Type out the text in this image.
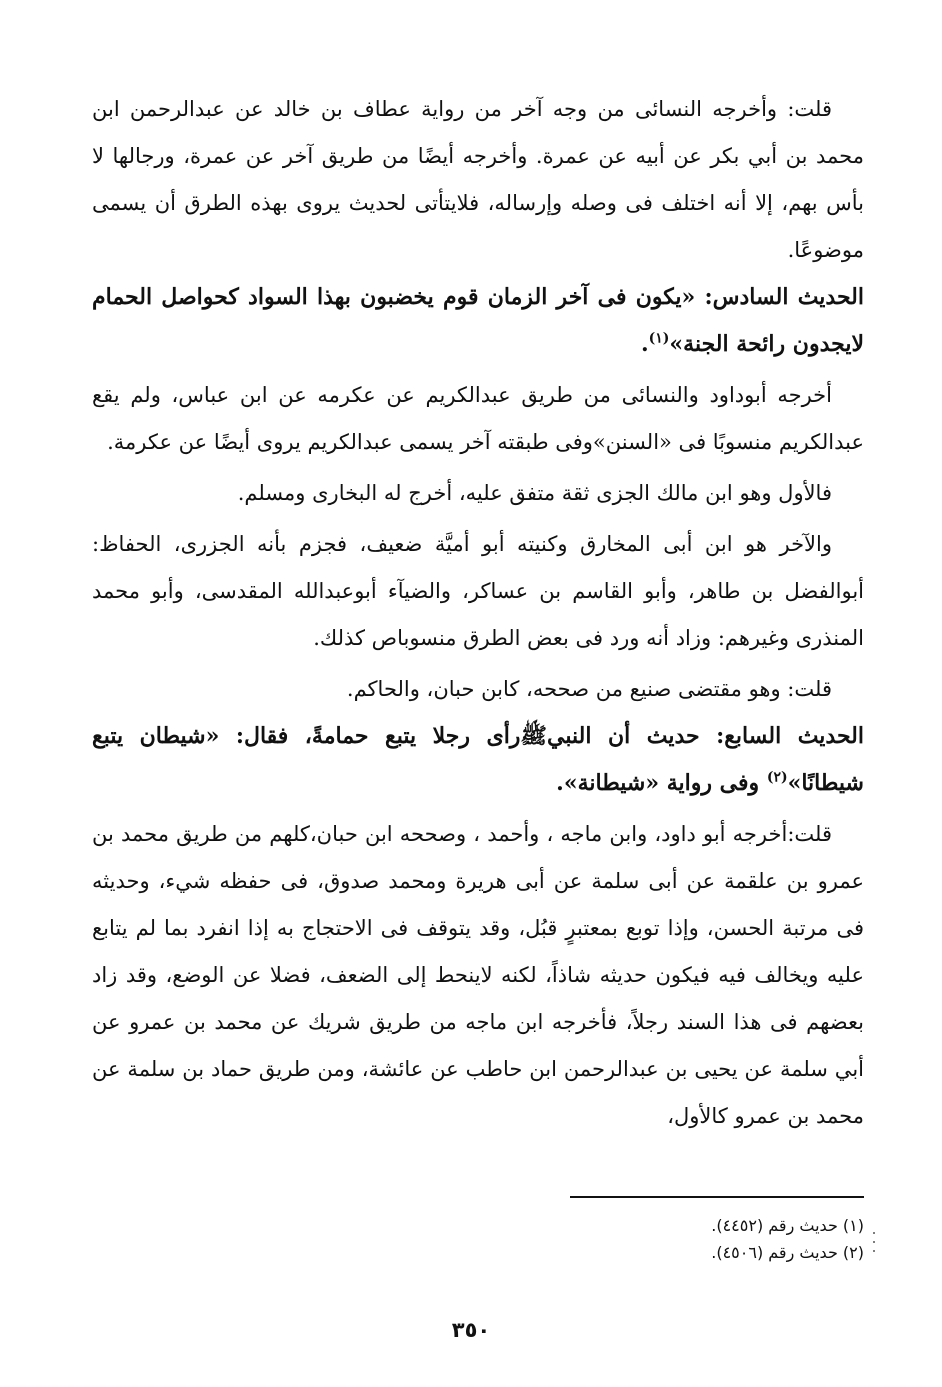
قلت: وأخرجه النسائى من وجه آخر من رواية عطاف بن خالد عن عبدالرحمن ابن محمد بن أبي بكر عن أبيه عن عمرة. وأخرجه أيضًا من طريق آخر عن عمرة، ورجالها لا بأس بهم، إلا أنه اختلف فى وصله وإرساله، فلايتأتى لحديث يروى بهذه الطرق أن يسمى موضوعًا.

الحديث السادس: «يكون فى آخر الزمان قوم يخضبون بهذا السواد كحواصل الحمام لايجدون رائحة الجنة»$^{(١)}$.

أخرجه أبوداود والنسائى من طريق عبدالكريم عن عكرمه عن ابن عباس، ولم يقع عبدالكريم منسوبًا فى «السنن»وفى طبقته آخر يسمى عبدالكريم يروى أيضًا عن عكرمة.

فالأول وهو ابن مالك الجزى ثقة متفق عليه، أخرج له البخارى ومسلم.

والآخر هو ابن أبى المخارق وكنيته أبو أميَّة ضعيف، فجزم بأنه الجزرى، الحفاظ: أبوالفضل بن طاهر، وأبو القاسم بن عساكر، والضيآء أبوعبدالله المقدسى، وأبو محمد المنذرى وغيرهم: وزاد أنه ورد فى بعض الطرق منسوباص كذلك.

قلت: وهو مقتضى صنيع من صححه، كابن حبان، والحاكم.

الحديث السابع: حديث أن النبيﷺرأى رجلا يتبع حمامةً، فقال: «شيطان يتبع شيطانًا»$^{(٢)}$ وفى رواية «شيطانة».

قلت:أخرجه أبو داود، وابن ماجه ، وأحمد ، وصححه ابن حبان،كلهم من طريق محمد بن عمرو بن علقمة عن أبى سلمة عن أبى هريرة ومحمد صدوق، فى حفظه شيء، وحديثه فى مرتبة الحسن، وإذا توبع بمعتبرٍ قبُل، وقد يتوقف فى الاحتجاج به إذا انفرد بما لم يتابع عليه ويخالف فيه فيكون حديثه شاذاً، لكنه لاينحط إلى الضعف، فضلا عن الوضع، وقد زاد بعضهم فى هذا السند رجلاً، فأخرجه ابن ماجه من طريق شريك عن محمد بن عمرو عن أبي سلمة عن يحيى بن عبدالرحمن ابن حاطب عن عائشة، ومن طريق حماد بن سلمة عن محمد بن عمرو كالأول،

(١) حديث رقم (٤٤٥٢).

(٢) حديث رقم (٤٥٠٦).

٣٥٠
